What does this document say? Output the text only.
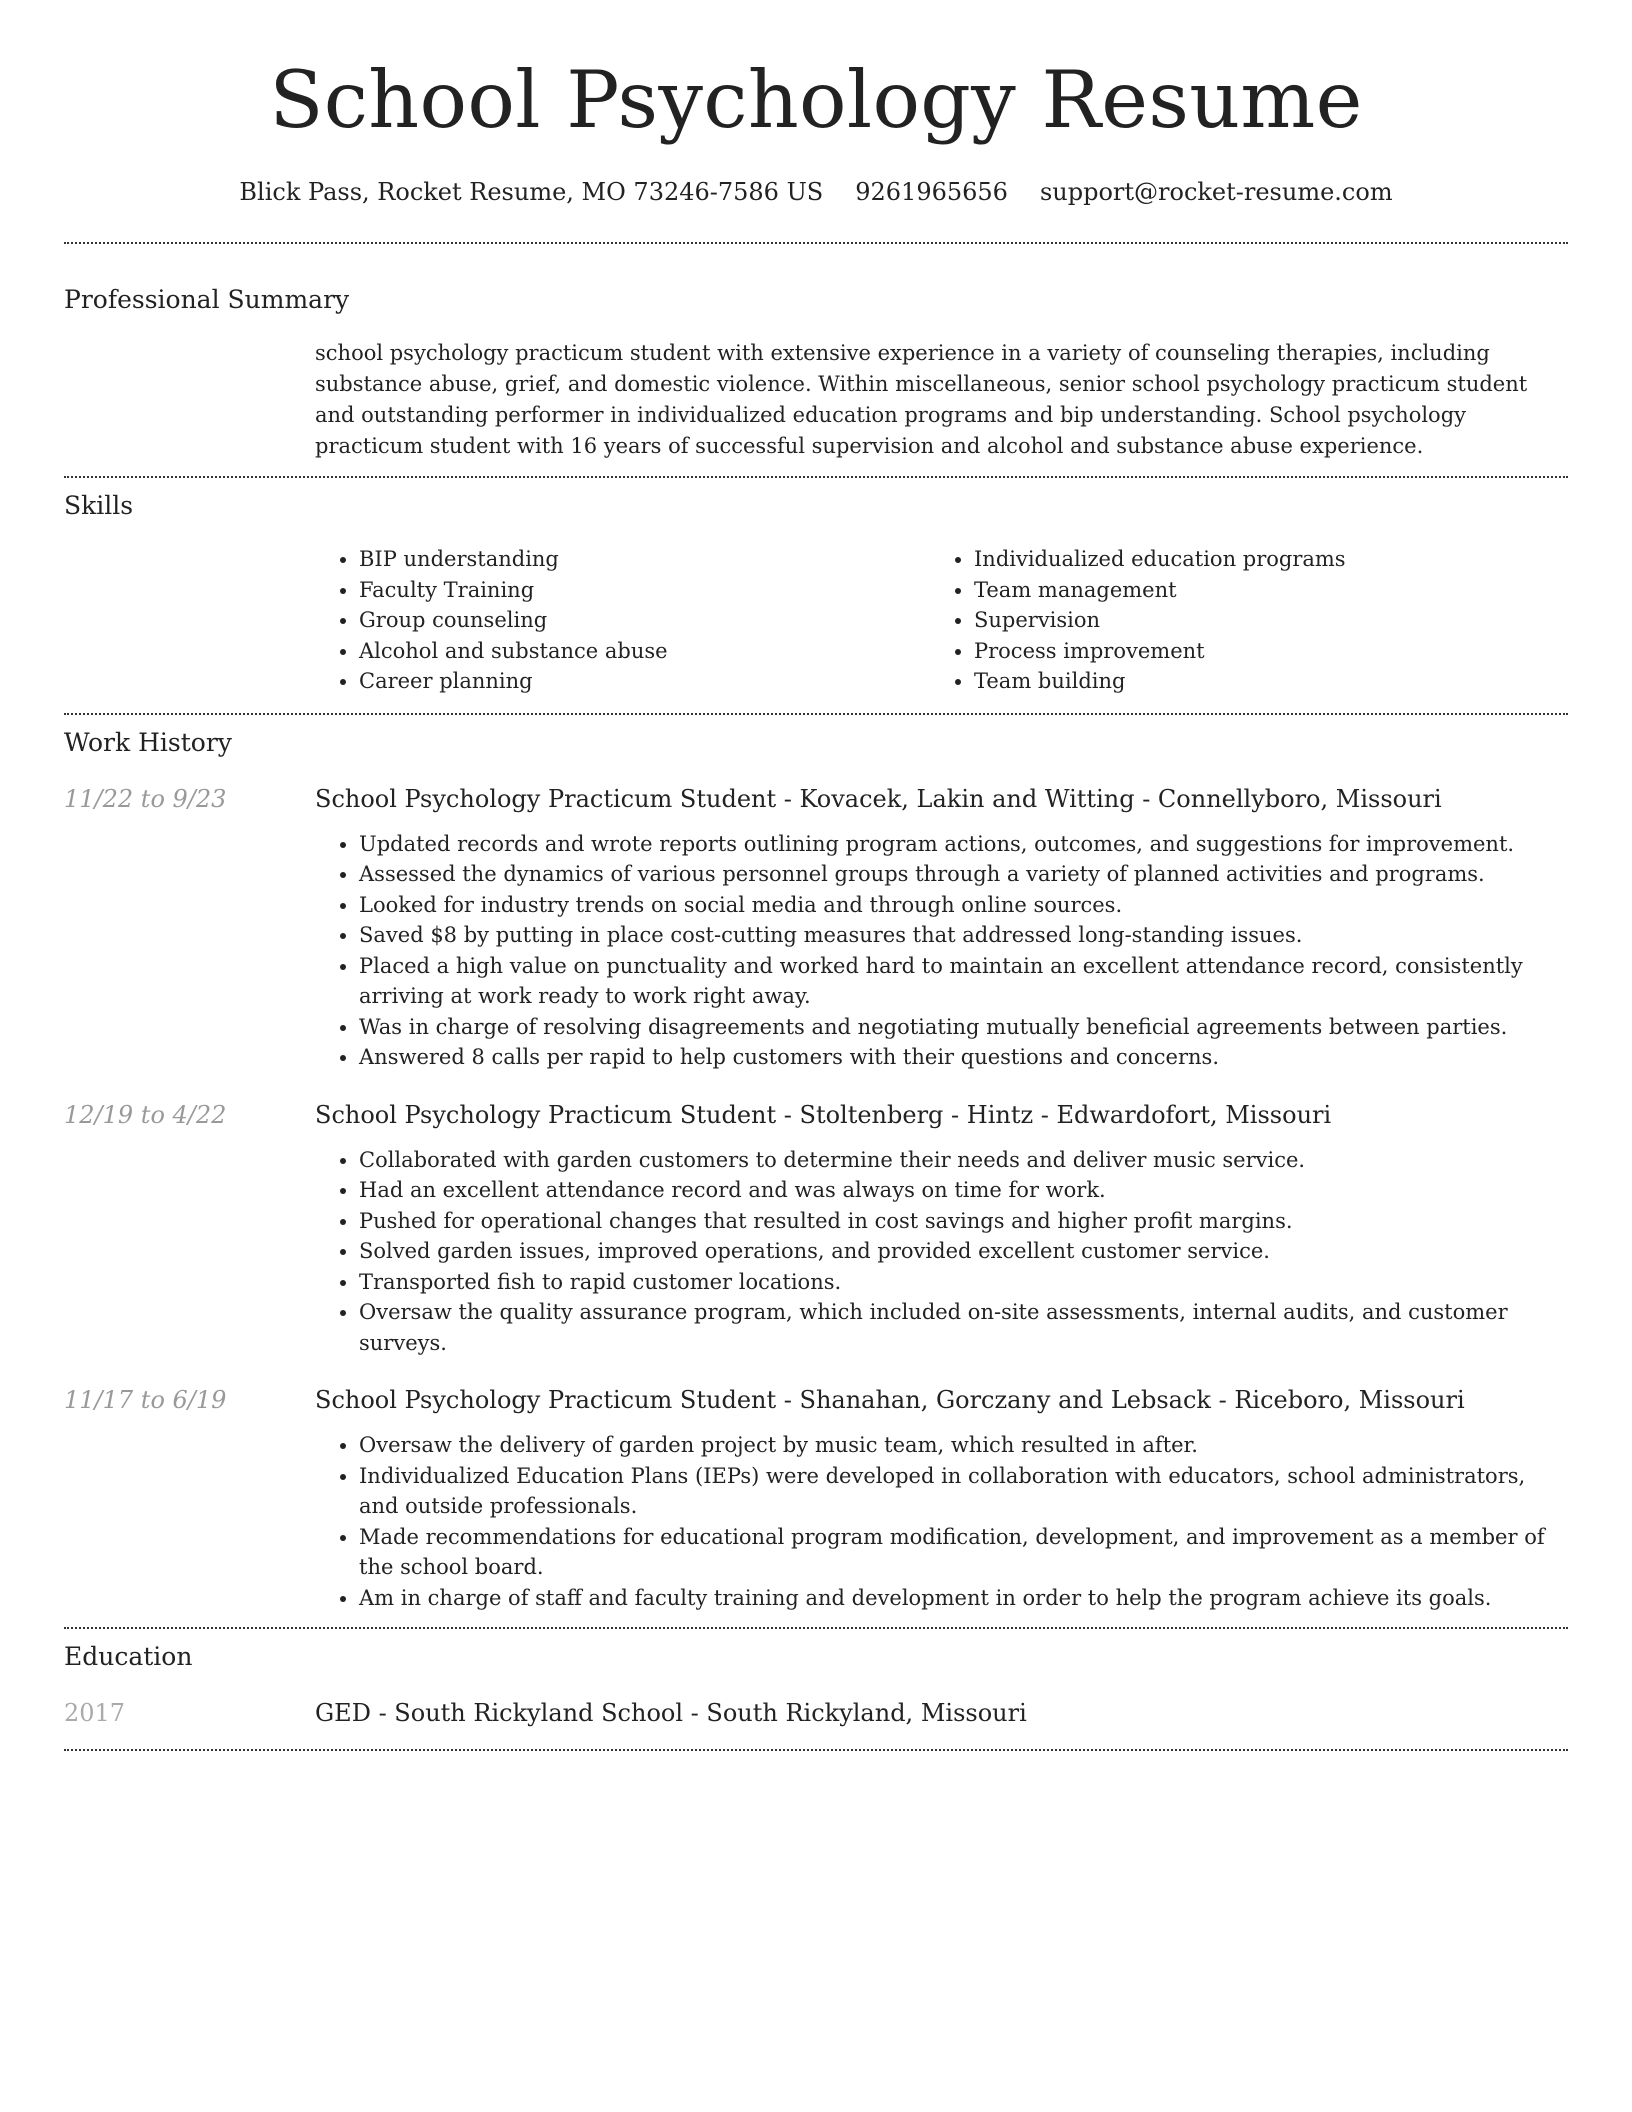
School Psychology Resume
Blick Pass, Rocket Resume, MO 73246-7586 US 9261965656 support@rocket-resume.com
Professional Summary
school psychology practicum student with extensive experience in a variety of counseling therapies, including substance abuse, grief, and domestic violence. Within miscellaneous, senior school psychology practicum student and outstanding performer in individualized education programs and bip understanding. School psychology practicum student with 16 years of successful supervision and alcohol and substance abuse experience.
Skills
• BIP understanding
• Faculty Training
• Group counseling
• Alcohol and substance abuse
• Career planning
• Individualized education programs
• Team management
• Supervision
• Process improvement
• Team building
Work History
11/22 to 9/23	School Psychology Practicum Student - Kovacek, Lakin and Witting - Connellyboro, Missouri
• Updated records and wrote reports outlining program actions, outcomes, and suggestions for improvement.
• Assessed the dynamics of various personnel groups through a variety of planned activities and programs.
• Looked for industry trends on social media and through online sources.
• Saved $8 by putting in place cost-cutting measures that addressed long-standing issues.
• Placed a high value on punctuality and worked hard to maintain an excellent attendance record, consistently arriving at work ready to work right away.
• Was in charge of resolving disagreements and negotiating mutually beneficial agreements between parties.
• Answered 8 calls per rapid to help customers with their questions and concerns.
12/19 to 4/22	School Psychology Practicum Student - Stoltenberg - Hintz - Edwardofort, Missouri
• Collaborated with garden customers to determine their needs and deliver music service.
• Had an excellent attendance record and was always on time for work.
• Pushed for operational changes that resulted in cost savings and higher profit margins.
• Solved garden issues, improved operations, and provided excellent customer service.
• Transported fish to rapid customer locations.
• Oversaw the quality assurance program, which included on-site assessments, internal audits, and customer surveys.
11/17 to 6/19	School Psychology Practicum Student - Shanahan, Gorczany and Lebsack - Riceboro, Missouri
• Oversaw the delivery of garden project by music team, which resulted in after.
• Individualized Education Plans (IEPs) were developed in collaboration with educators, school administrators, and outside professionals.
• Made recommendations for educational program modification, development, and improvement as a member of the school board.
• Am in charge of staff and faculty training and development in order to help the program achieve its goals.
Education
2017	GED - South Rickyland School - South Rickyland, Missouri
